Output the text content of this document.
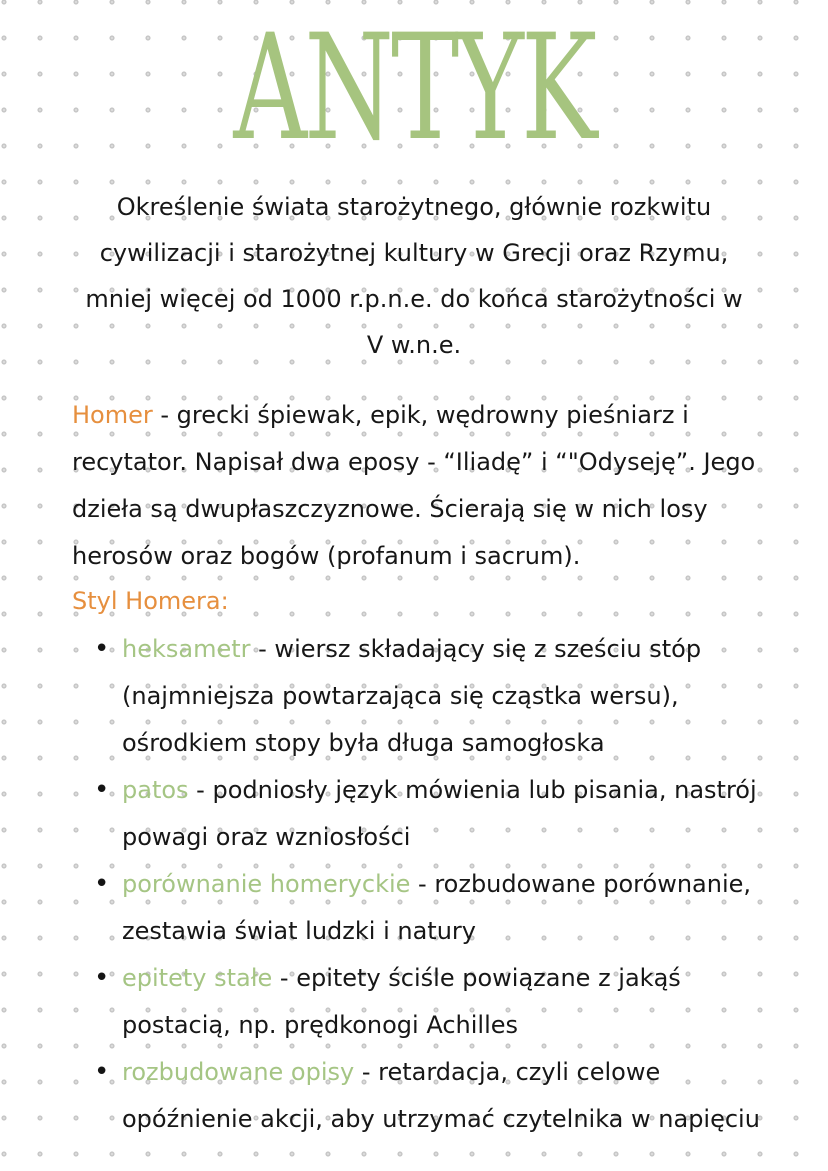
ANTYK

Określenie świata starożytnego, głównie rozkwitu cywilizacji i starożytnej kultury w Grecji oraz Rzymu, mniej więcej od 1000 r.p.n.e. do końca starożytności w V w.n.e.

Homer - grecki śpiewak, epik, wędrowny pieśniarz i recytator. Napisał dwa eposy - “Iliadę” i “"Odyseję”. Jego dzieła są dwupłaszczyznowe. Ścierają się w nich losy herosów oraz bogów (profanum i sacrum).

Styl Homera:

• heksametr - wiersz składający się z sześciu stóp (najmniejsza powtarzająca się cząstka wersu), ośrodkiem stopy była długa samogłoska
• patos - podniosły język mówienia lub pisania, nastrój powagi oraz wzniosłości
• porównanie homeryckie - rozbudowane porównanie, zestawia świat ludzki i natury
• epitety stałe - epitety ściśle powiązane z jakąś postacią, np. prędkonogi Achilles
• rozbudowane opisy - retardacja, czyli celowe opóźnienie akcji, aby utrzymać czytelnika w napięciu
